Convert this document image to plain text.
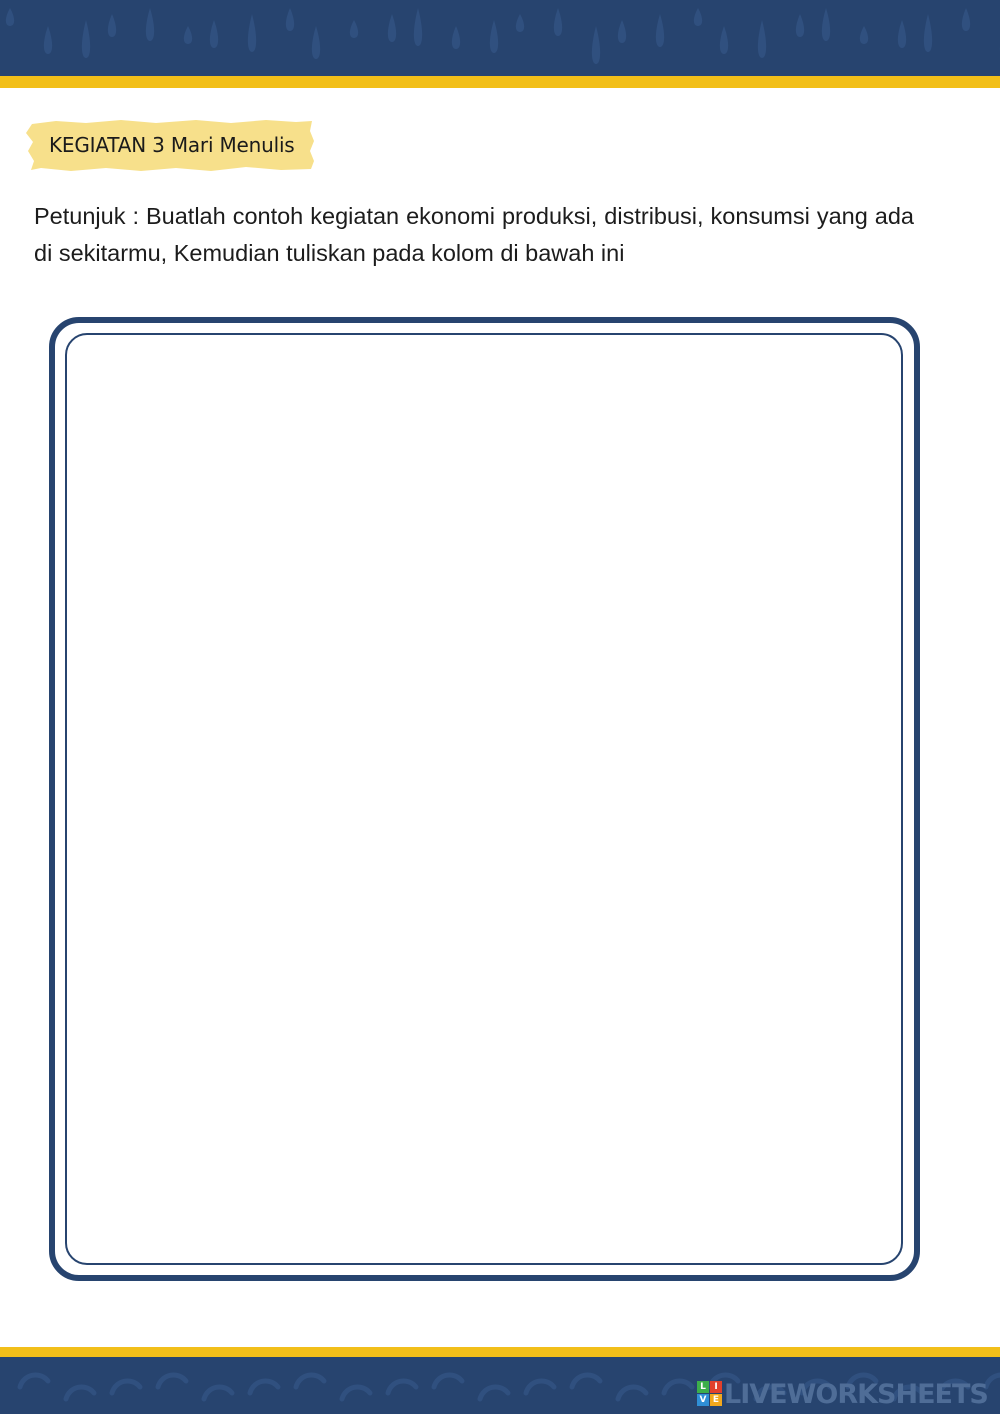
KEGIATAN 3 Mari Menulis
Petunjuk : Buatlah contoh kegiatan ekonomi produksi, distribusi, konsumsi yang ada di sekitarmu, Kemudian tuliskan pada kolom di bawah ini
L I
V E LIVEWORKSHEETS
